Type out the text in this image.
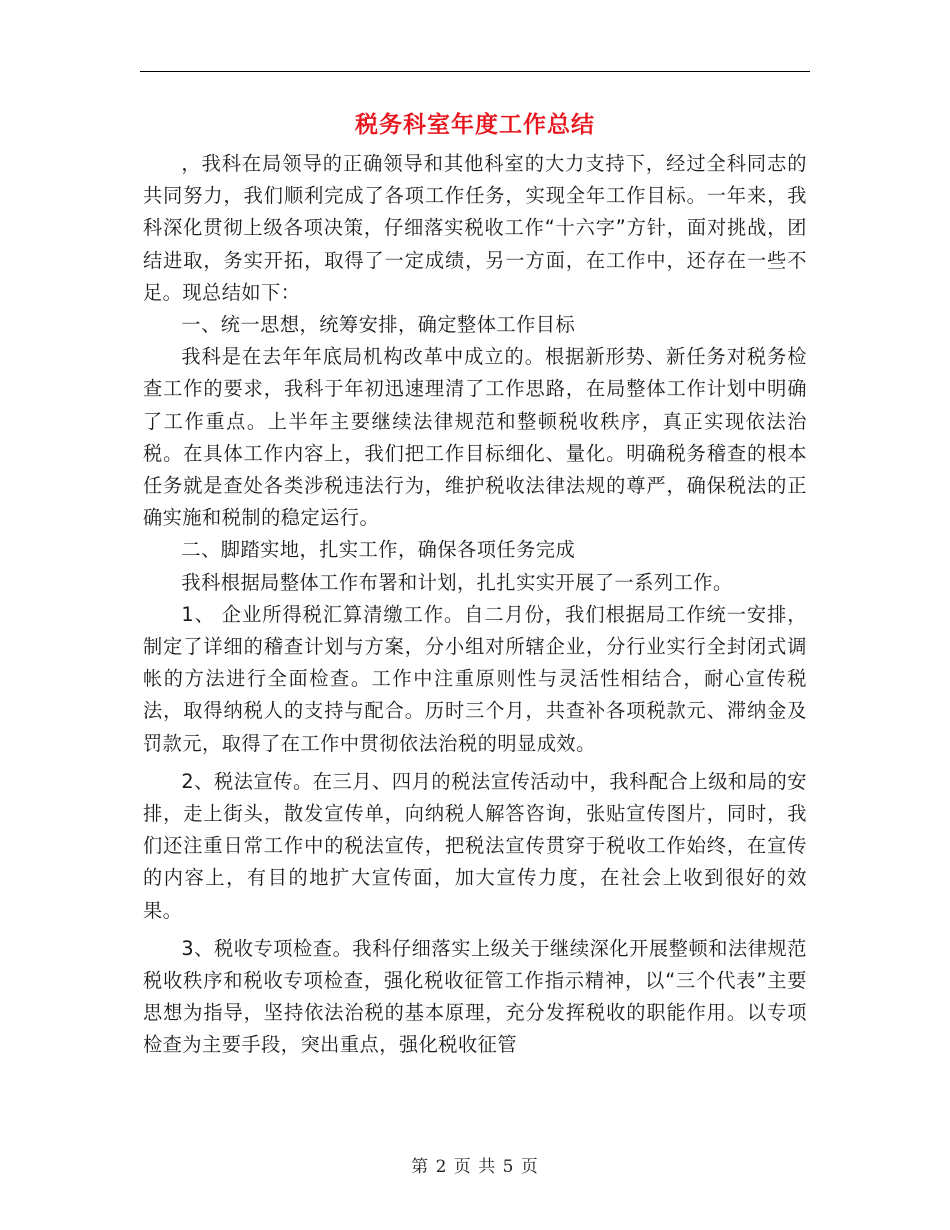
税务科室年度工作总结

，我科在局领导的正确领导和其他科室的大力支持下，经过全科同志的共同努力，我们顺利完成了各项工作任务，实现全年工作目标。一年来，我科深化贯彻上级各项决策，仔细落实税收工作“十六字”方针，面对挑战，团结进取，务实开拓，取得了一定成绩，另一方面，在工作中，还存在一些不足。现总结如下：

一、统一思想，统筹安排，确定整体工作目标

我科是在去年年底局机构改革中成立的。根据新形势、新任务对税务检查工作的要求，我科于年初迅速理清了工作思路，在局整体工作计划中明确了工作重点。上半年主要继续法律规范和整顿税收秩序，真正实现依法治税。在具体工作内容上，我们把工作目标细化、量化。明确税务稽查的根本任务就是查处各类涉税违法行为，维护税收法律法规的尊严，确保税法的正确实施和税制的稳定运行。

二、脚踏实地，扎实工作，确保各项任务完成

我科根据局整体工作布署和计划，扎扎实实开展了一系列工作。

1、 企业所得税汇算清缴工作。自二月份，我们根据局工作统一安排，制定了详细的稽查计划与方案，分小组对所辖企业，分行业实行全封闭式调帐的方法进行全面检查。工作中注重原则性与灵活性相结合，耐心宣传税法，取得纳税人的支持与配合。历时三个月，共查补各项税款元、滞纳金及罚款元，取得了在工作中贯彻依法治税的明显成效。

2、税法宣传。在三月、四月的税法宣传活动中，我科配合上级和局的安排，走上街头，散发宣传单，向纳税人解答咨询，张贴宣传图片，同时，我们还注重日常工作中的税法宣传，把税法宣传贯穿于税收工作始终，在宣传的内容上，有目的地扩大宣传面，加大宣传力度，在社会上收到很好的效果。

3、税收专项检查。我科仔细落实上级关于继续深化开展整顿和法律规范税收秩序和税收专项检查，强化税收征管工作指示精神，以“三个代表”主要思想为指导，坚持依法治税的基本原理，充分发挥税收的职能作用。以专项检查为主要手段，突出重点，强化税收征管

第 2 页 共 5 页
